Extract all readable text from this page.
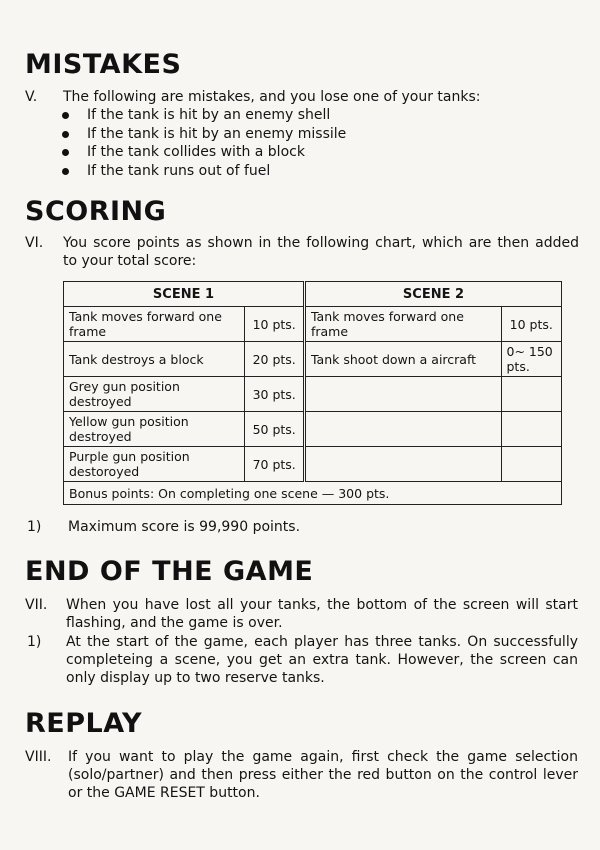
MISTAKES
V. The following are mistakes, and you lose one of your tanks:
If the tank is hit by an enemy shell
If the tank is hit by an enemy missile
If the tank collides with a block
If the tank runs out of fuel
SCORING
VI. You score points as shown in the following chart, which are then added to your total score:
SCENE 1		SCENE 2	
Tank moves forward one frame	10 pts.	Tank moves forward one frame	10 pts.
Tank destroys a block	20 pts.	Tank shoot down a aircraft	0~ 150 pts.
Grey gun position destroyed	30 pts.		
Yellow gun position destroyed	50 pts.		
Purple gun position destoroyed	70 pts.		
Bonus points: On completing one scene — 300 pts.			
1) Maximum score is 99,990 points.
END OF THE GAME
VII. When you have lost all your tanks, the bottom of the screen will start flashing, and the game is over.
1) At the start of the game, each player has three tanks. On successfully completeing a scene, you get an extra tank. However, the screen can only display up to two reserve tanks.
REPLAY
VIII. If you want to play the game again, first check the game selection (solo/partner) and then press either the red button on the control lever or the GAME RESET button.
